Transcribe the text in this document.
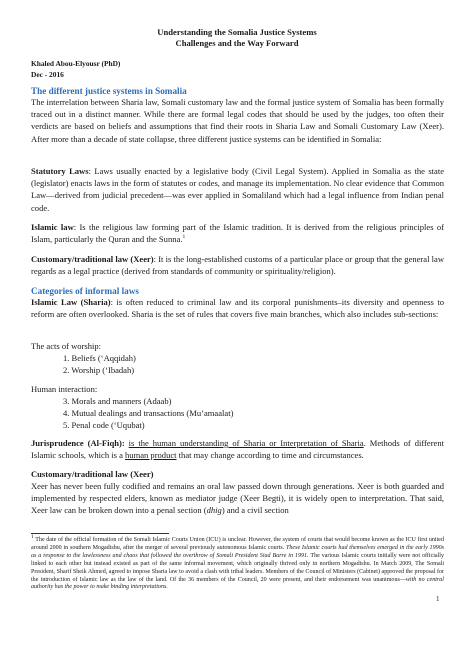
Understanding the Somalia Justice Systems
Challenges and the Way Forward
Khaled Abou-Elyousr (PhD)
Dec - 2016
The different justice systems in Somalia

The interrelation between Sharia law, Somali customary law and the formal justice system of Somalia has been formally traced out in a distinct manner. While there are formal legal codes that should be used by the judges, too often their verdicts are based on beliefs and assumptions that find their roots in Sharia Law and Somali Customary Law (Xeer). After more than a decade of state collapse, three different justice systems can be identified in Somalia:

Statutory Laws: Laws usually enacted by a legislative body (Civil Legal System). Applied in Somalia as the state (legislator) enacts laws in the form of statutes or codes, and manage its implementation. No clear evidence that Common Law—derived from judicial precedent—was ever applied in Somaliland which had a legal influence from Indian penal code.

Islamic law: Is the religious law forming part of the Islamic tradition. It is derived from the religious principles of Islam, particularly the Quran and the Sunna.$^1$

Customary/traditional law (Xeer): It is the long-established customs of a particular place or group that the general law regards as a legal practice (derived from standards of community or spirituality/religion).

Categories of informal laws

Islamic Law (Sharia): is often reduced to criminal law and its corporal punishments–its diversity and openness to reform are often overlooked. Sharia is the set of rules that covers five main branches, which also includes sub-sections:

The acts of worship:
1. Beliefs (‘Aqqidah)
2. Worship (‘Ibadah)
Human interaction:
3. Morals and manners (Adaab)
4. Mutual dealings and transactions (Mu’amaalat)
5. Penal code (‘Uqubat)

Jurisprudence (Al-Fiqh): is the human understanding of Sharia or Interpretation of Sharia. Methods of different Islamic schools, which is a human product that may change according to time and circumstances.

Customary/traditional law (Xeer)

Xeer has never been fully codified and remains an oral law passed down through generations. Xeer is both guarded and implemented by respected elders, known as mediator judge (Xeer Begti), it is widely open to interpretation. That said, Xeer law can be broken down into a penal section (dhig) and a civil section

1 The date of the official formation of the Somali Islamic Courts Union (ICU) is unclear. However, the system of courts that would become known as the ICU first united around 2000 in southern Mogadishu, after the merger of several previously autonomous Islamic courts. These Islamic courts had themselves emerged in the early 1990s as a response to the lawlessness and chaos that followed the overthrow of Somali President Siad Barre in 1991. The various Islamic courts initially were not officially linked to each other but instead existed as part of the same informal movement, which originally thrived only in northern Mogadishu. In March 2009, The Somali President, Sharif Sheik Ahmed, agreed to impose Sharia law to avoid a clash with tribal leaders. Members of the Council of Ministers (Cabinet) approved the proposal for the introduction of Islamic law as the law of the land. Of the 36 members of the Council, 20 were present, and their endorsement was unanimous—with no central authority has the power to make binding interpretations.

1
